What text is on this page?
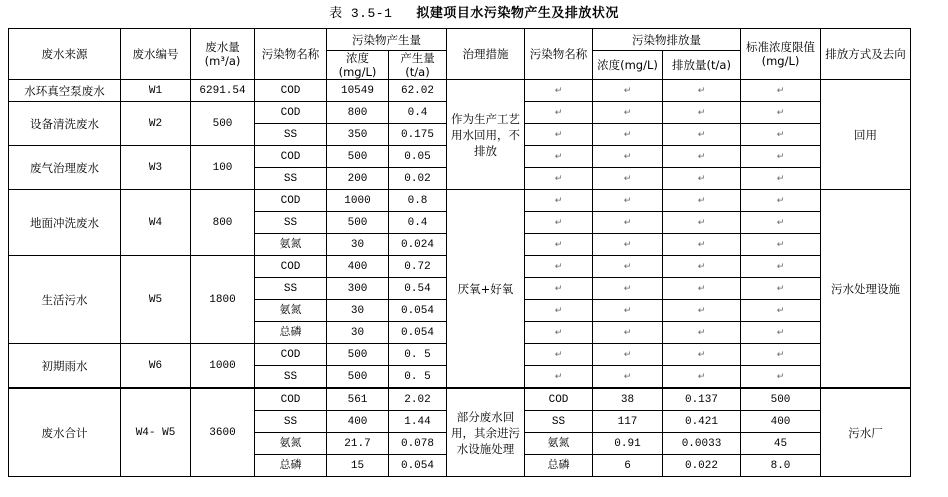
表 3.5-1 拟建项目水污染物产生及排放状况
废水来源	废水编号	废水量(m³/a)	污染物名称	污染物产生量		治理措施	污染物名称	污染物排放量		标准浓度限值(mg/L)	排放方式及去向
				浓度(mg/L)	产生量(t/a)			浓度(mg/L)	排放量(t/a)		
水环真空泵废水	W1	6291.54	COD	10549	62.02	作为生产工艺用水回用，不排放	↵	↵	↵	↵	回用
设备清洗废水	W2	500	COD	800	0.4		↵	↵	↵	↵	
			SS	350	0.175		↵	↵	↵	↵	
废气治理废水	W3	100	COD	500	0.05		↵	↵	↵	↵	
			SS	200	0.02		↵	↵	↵	↵	
地面冲洗废水	W4	800	COD	1000	0.8	厌氧+好氧	↵	↵	↵	↵	污水处理设施
			SS	500	0.4		↵	↵	↵	↵	
			氨氮	30	0.024		↵	↵	↵	↵	
生活污水	W5	1800	COD	400	0.72		↵	↵	↵	↵	
			SS	300	0.54		↵	↵	↵	↵	
			氨氮	30	0.054		↵	↵	↵	↵	
			总磷	30	0.054		↵	↵	↵	↵	
初期雨水	W6	1000	COD	500	0. 5		↵	↵	↵	↵	
			SS	500	0. 5		↵	↵	↵	↵	
废水合计	W4- W5	3600	COD	561	2.02	部分废水回用，其余进污水设施处理	COD	38	0.137	500	污水厂
			SS	400	1.44		SS	117	0.421	400	
			氨氮	21.7	0.078		氨氮	0.91	0.0033	45	
			总磷	15	0.054		总磷	6	0.022	8.0	
